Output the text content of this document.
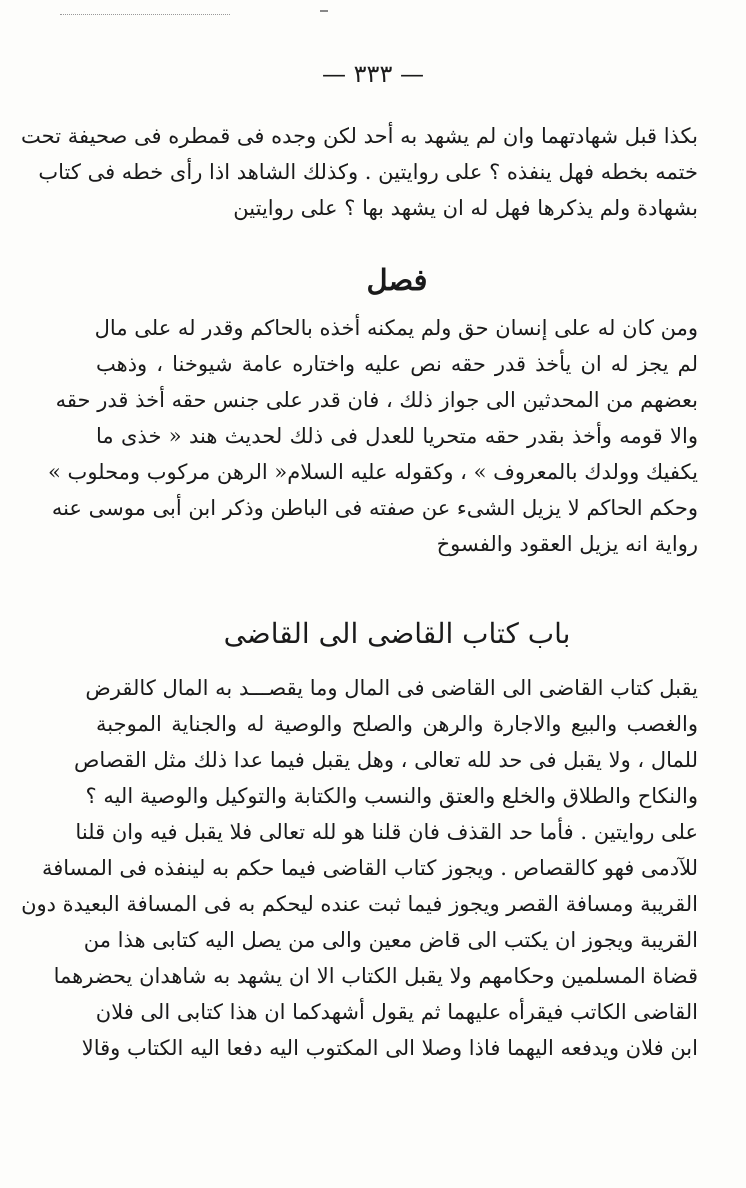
— ٣٣٣ —
بكذا قبل شهادتهما وان لم يشهد به أحد لكن وجده فى قمطره فى صحيفة تحت
ختمه بخطه فهل ينفذه ؟ على روايتين . وكذلك الشاهد اذا رأى خطه فى كتاب
بشهادة ولم يذكرها فهل له ان يشهد بها ؟ على روايتين
فصل
ومن كان له على إنسان حق ولم يمكنه أخذه بالحاكم وقدر له على مال
لم يجز له ان يأخذ قدر حقه نص عليه واختاره عامة شيوخنا ، وذهب
بعضهم من المحدثين الى جواز ذلك ، فان قدر على جنس حقه أخذ قدر حقه
والا قومه وأخذ بقدر حقه متحريا للعدل فى ذلك لحديث هند « خذى ما
يكفيك وولدك بالمعروف » ، وكقوله عليه السلام« الرهن مركوب ومحلوب »
وحكم الحاكم لا يزيل الشىء عن صفته فى الباطن وذكر ابن أبى موسى عنه
رواية انه يزيل العقود والفسوخ
باب كتاب القاضى الى القاضى
يقبل كتاب القاضى الى القاضى فى المال وما يقصـــد به المال كالقرض
والغصب والبيع والاجارة والرهن والصلح والوصية له والجناية الموجبة
للمال ، ولا يقبل فى حد لله تعالى ، وهل يقبل فيما عدا ذلك مثل القصاص
والنكاح والطلاق والخلع والعتق والنسب والكتابة والتوكيل والوصية اليه ؟
على روايتين . فأما حد القذف فان قلنا هو لله تعالى فلا يقبل فيه وان قلنا
للآدمى فهو كالقصاص . ويجوز كتاب القاضى فيما حكم به لينفذه فى المسافة
القريبة ومسافة القصر ويجوز فيما ثبت عنده ليحكم به فى المسافة البعيدة دون
القريبة ويجوز ان يكتب الى قاض معين والى من يصل اليه كتابى هذا من
قضاة المسلمين وحكامهم ولا يقبل الكتاب الا ان يشهد به شاهدان يحضرهما
القاضى الكاتب فيقرأه عليهما ثم يقول أشهدكما ان هذا كتابى الى فلان
ابن فلان ويدفعه اليهما فاذا وصلا الى المكتوب اليه دفعا اليه الكتاب وقالا
